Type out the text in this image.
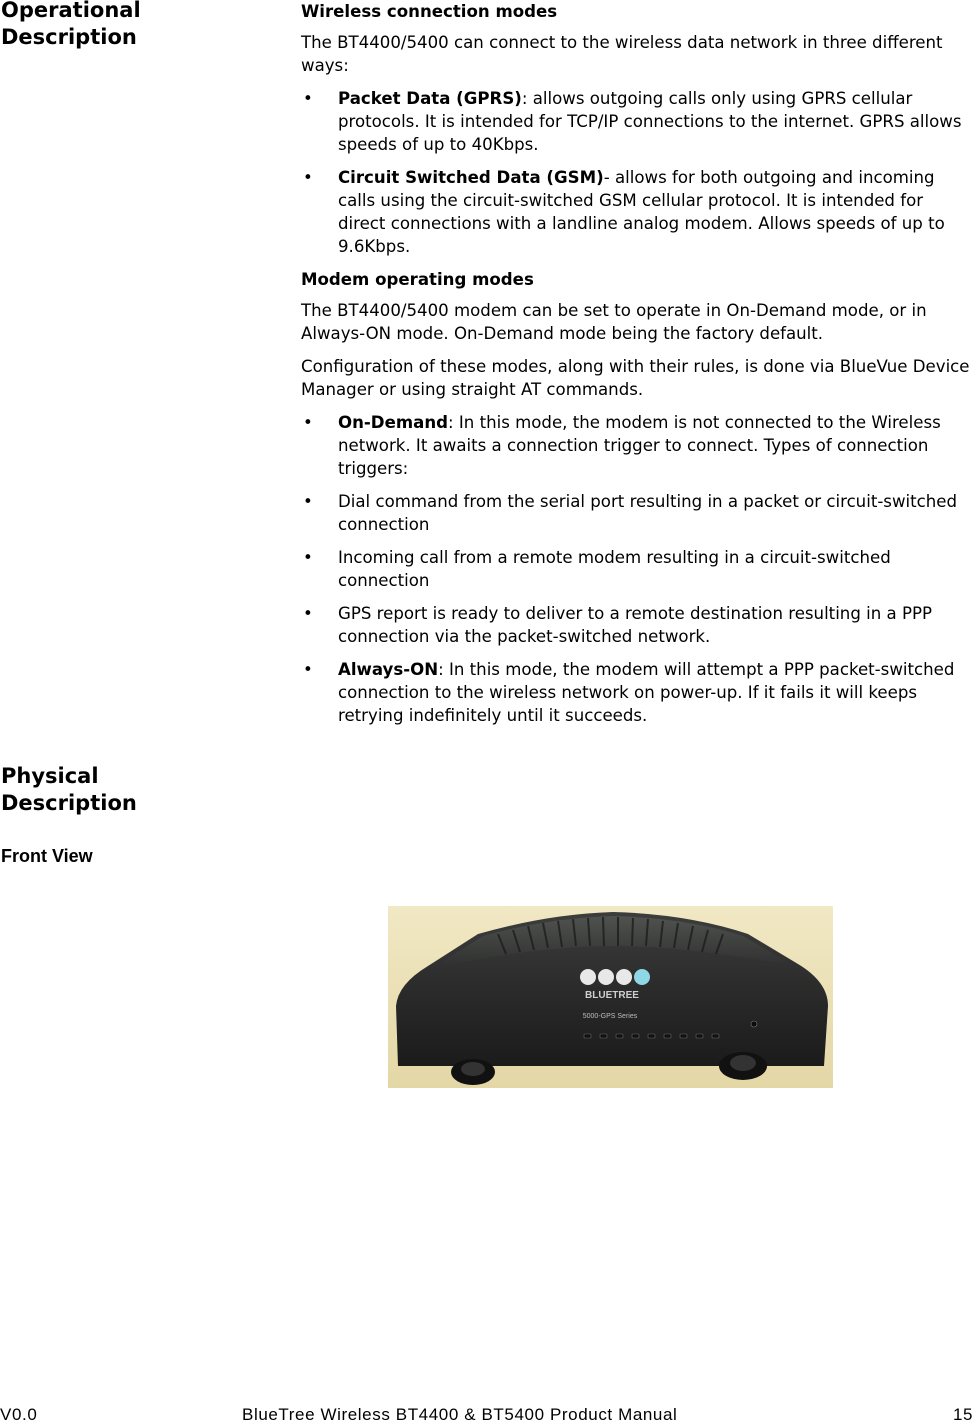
Operational
Description
Wireless connection modes

The BT4400/5400 can connect to the wireless data network in three different ways:

• Packet Data (GPRS): allows outgoing calls only using GPRS cellular protocols. It is intended for TCP/IP connections to the internet. GPRS allows speeds of up to 40Kbps.
• Circuit Switched Data (GSM)- allows for both outgoing and incoming calls using the circuit-switched GSM cellular protocol. It is intended for direct connections with a landline analog modem. Allows speeds of up to 9.6Kbps.
Modem operating modes

The BT4400/5400 modem can be set to operate in On-Demand mode, or in Always-ON mode. On-Demand mode being the factory default.

Configuration of these modes, along with their rules, is done via BlueVue Device Manager or using straight AT commands.

• On-Demand: In this mode, the modem is not connected to the Wireless network. It awaits a connection trigger to connect. Types of connection triggers:
• Dial command from the serial port resulting in a packet or circuit-switched connection
• Incoming call from a remote modem resulting in a circuit-switched connection
• GPS report is ready to deliver to a remote destination resulting in a PPP connection via the packet-switched network.
• Always-ON: In this mode, the modem will attempt a PPP packet-switched connection to the wireless network on power-up. If it fails it will keeps retrying indefinitely until it succeeds.
Physical
Description
Front View
BLUETREE
5000-GPS Series
V0.0	BlueTree Wireless BT4400 & BT5400 Product Manual	15
